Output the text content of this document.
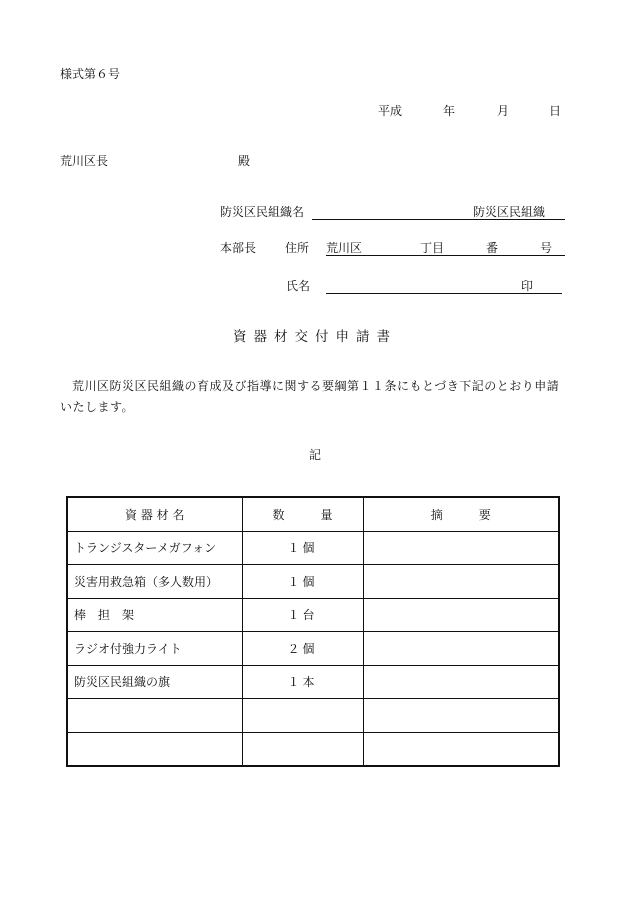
様式第６号
平成	年	月	日
荒川区長	殿
防災区民組織名	防災区民組織
本部長 住所 荒川区	丁目	番	号
氏名	印
資器材交付申請書
荒川区防災区民組織の育成及び指導に関する要綱第１１条にもとづき下記のとおり申請いたします。
記
資 器 材 名	数　　　量	摘　　　要
トランジスターメガフォン	１個	
災害用救急箱（多人数用）	１個	
棒　担　架	１台	
ラジオ付強力ライト	２個	
防災区民組織の旗	１本	
